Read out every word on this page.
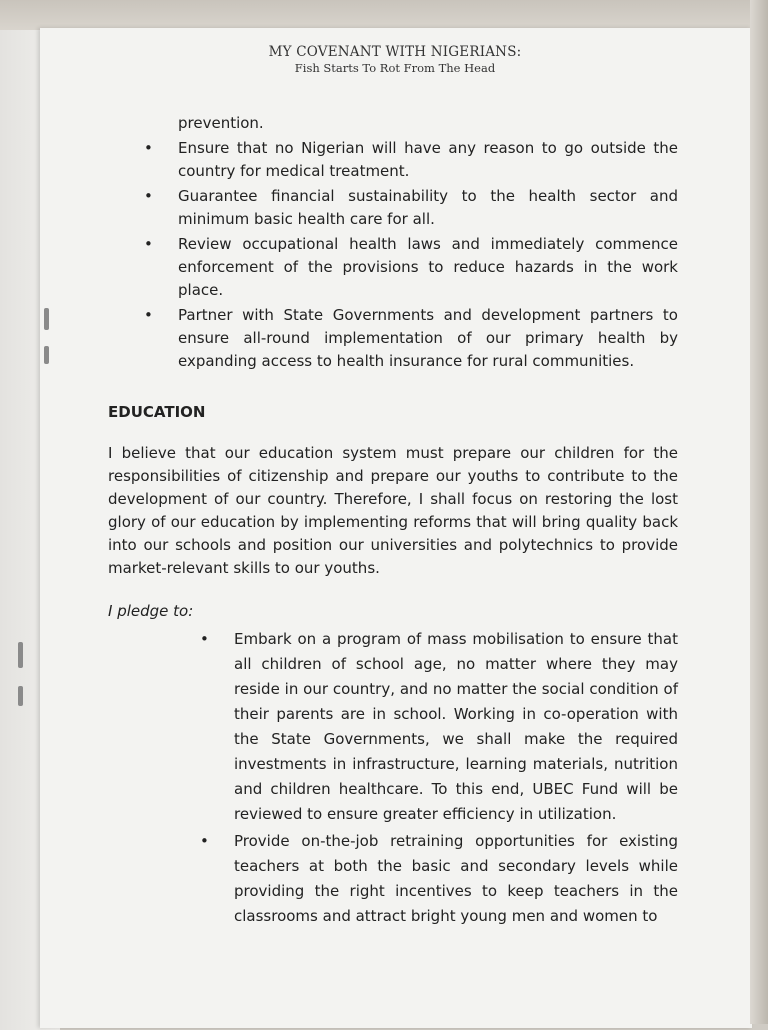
MY COVENANT WITH NIGERIANS:
Fish Starts To Rot From The Head
prevention.
• Ensure that no Nigerian will have any reason to go outside the country for medical treatment.
• Guarantee financial sustainability to the health sector and minimum basic health care for all.
• Review occupational health laws and immediately commence enforcement of the provisions to reduce hazards in the work place.
• Partner with State Governments and development partners to ensure all-round implementation of our primary health by expanding access to health insurance for rural communities.
EDUCATION
I believe that our education system must prepare our children for the responsibilities of citizenship and prepare our youths to contribute to the development of our country. Therefore, I shall focus on restoring the lost glory of our education by implementing reforms that will bring quality back into our schools and position our universities and polytechnics to provide market-relevant skills to our youths.
I pledge to:
• Embark on a program of mass mobilisation to ensure that all children of school age, no matter where they may reside in our country, and no matter the social condition of their parents are in school. Working in co-operation with the State Governments, we shall make the required investments in infrastructure, learning materials, nutrition and children healthcare. To this end, UBEC Fund will be reviewed to ensure greater efficiency in utilization.
• Provide on-the-job retraining opportunities for existing teachers at both the basic and secondary levels while providing the right incentives to keep teachers in the classrooms and attract bright young men and women to
